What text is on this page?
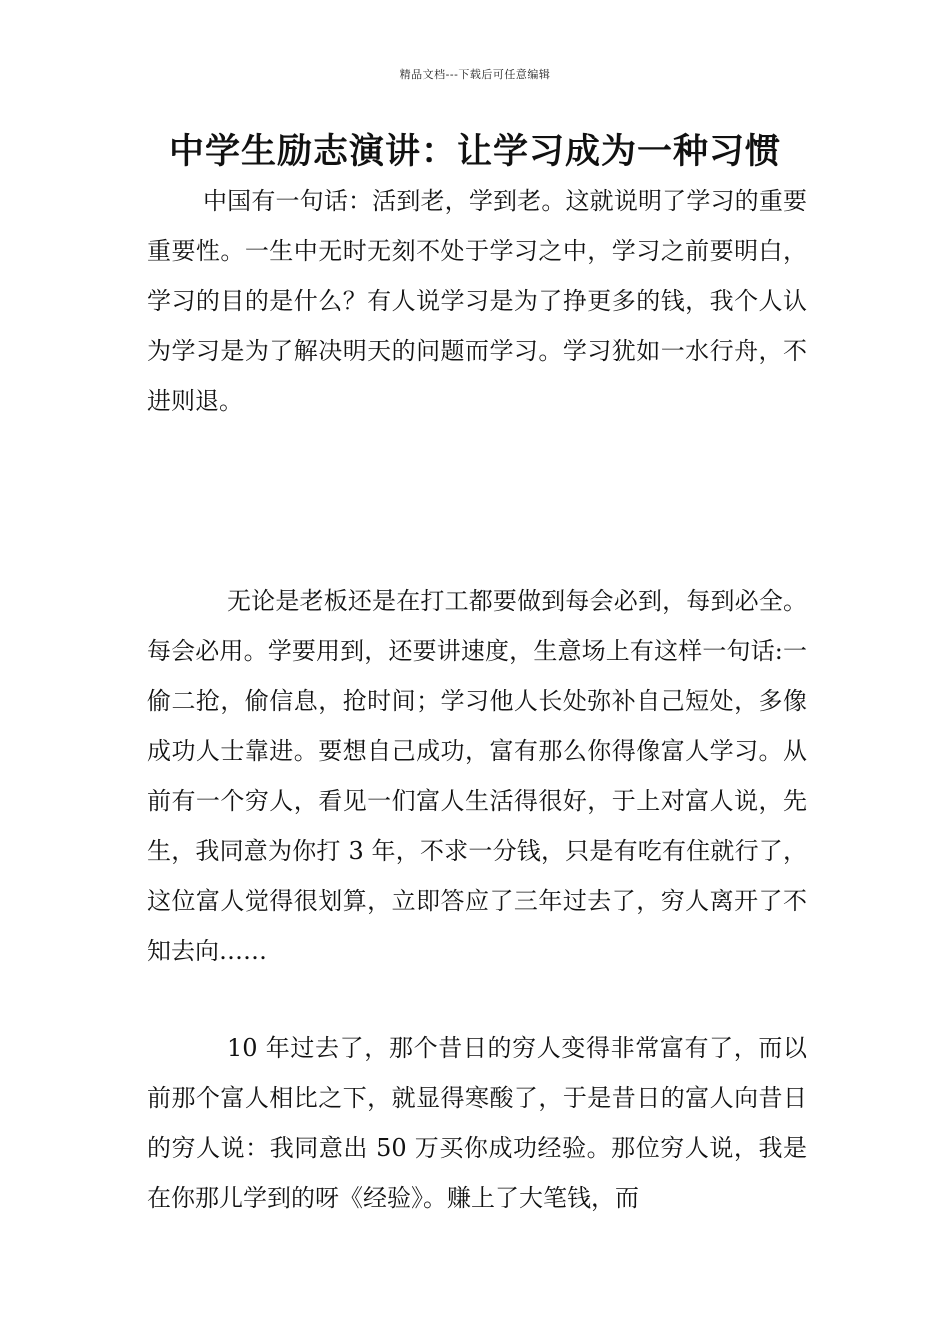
精品文档---下载后可任意编辑
中学生励志演讲：让学习成为一种习惯

中国有一句话：活到老，学到老。这就说明了学习的重要重要性。一生中无时无刻不处于学习之中，学习之前要明白，学习的目的是什么？有人说学习是为了挣更多的钱，我个人认为学习是为了解决明天的问题而学习。学习犹如一水行舟，不进则退。

无论是老板还是在打工都要做到每会必到，每到必全。每会必用。学要用到，还要讲速度，生意场上有这样一句话:一偷二抢，偷信息，抢时间；学习他人长处弥补自己短处，多像成功人士靠进。要想自己成功，富有那么你得像富人学习。从前有一个穷人，看见一们富人生活得很好，于上对富人说，先生，我同意为你打 3 年，不求一分钱，只是有吃有住就行了，这位富人觉得很划算，立即答应了三年过去了，穷人离开了不知去向……

10 年过去了，那个昔日的穷人变得非常富有了，而以前那个富人相比之下，就显得寒酸了，于是昔日的富人向昔日的穷人说：我同意出 50 万买你成功经验。那位穷人说，我是在你那儿学到的呀《经验》。赚上了大笔钱，而
